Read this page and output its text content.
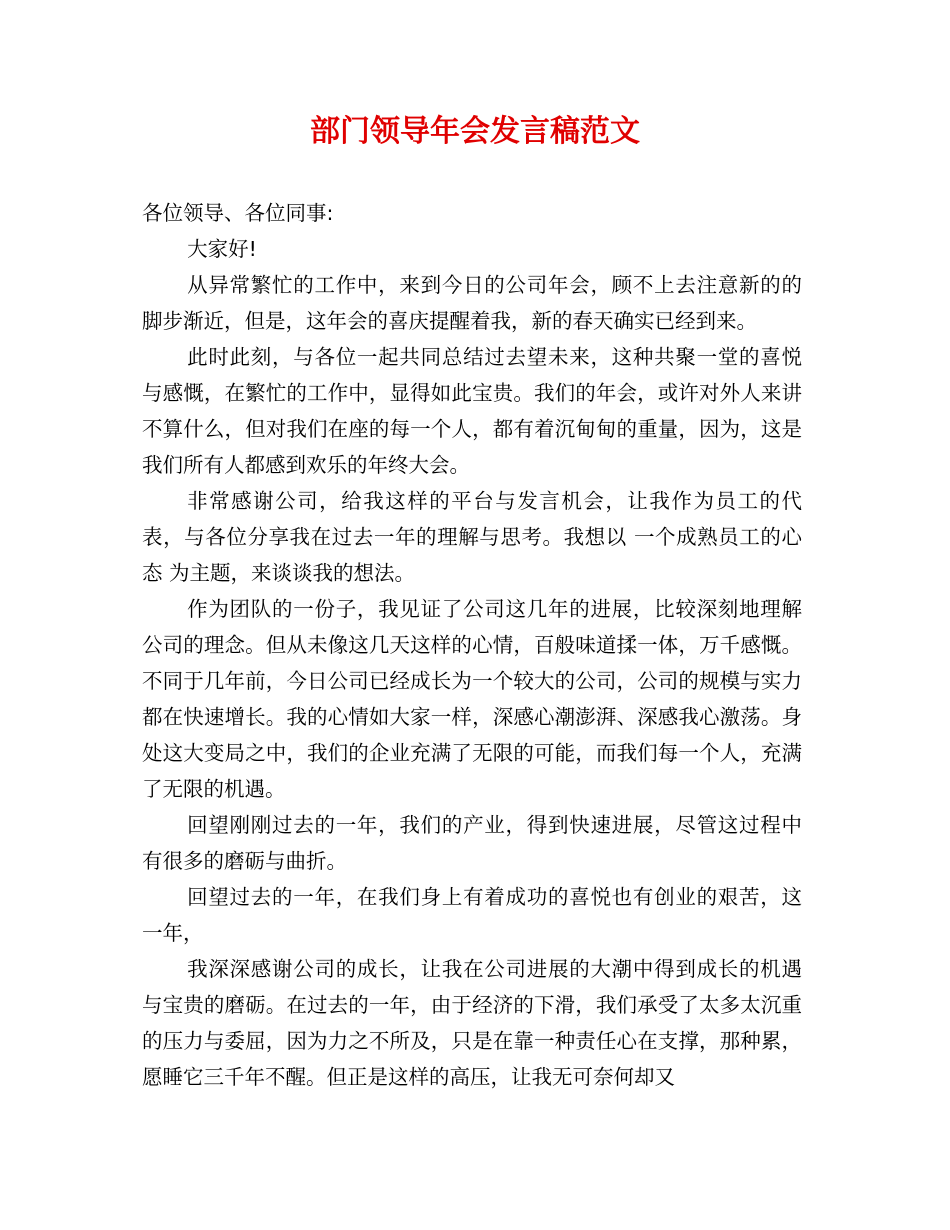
部门领导年会发言稿范文

各位领导、各位同事:

大家好!

从异常繁忙的工作中，来到今日的公司年会，顾不上去注意新的的脚步渐近，但是，这年会的喜庆提醒着我，新的春天确实已经到来。

此时此刻，与各位一起共同总结过去望未来，这种共聚一堂的喜悦与感慨，在繁忙的工作中，显得如此宝贵。我们的年会，或许对外人来讲不算什么，但对我们在座的每一个人，都有着沉甸甸的重量，因为，这是我们所有人都感到欢乐的年终大会。

非常感谢公司，给我这样的平台与发言机会，让我作为员工的代表，与各位分享我在过去一年的理解与思考。我想以 一个成熟员工的心态 为主题，来谈谈我的想法。

作为团队的一份子，我见证了公司这几年的进展，比较深刻地理解公司的理念。但从未像这几天这样的心情，百般味道揉一体，万千感慨。不同于几年前，今日公司已经成长为一个较大的公司，公司的规模与实力都在快速增长。我的心情如大家一样，深感心潮澎湃、深感我心激荡。身处这大变局之中，我们的企业充满了无限的可能，而我们每一个人，充满了无限的机遇。

回望刚刚过去的一年，我们的产业，得到快速进展，尽管这过程中有很多的磨砺与曲折。

回望过去的一年，在我们身上有着成功的喜悦也有创业的艰苦，这一年，

我深深感谢公司的成长，让我在公司进展的大潮中得到成长的机遇与宝贵的磨砺。在过去的一年，由于经济的下滑，我们承受了太多太沉重的压力与委屈，因为力之不所及，只是在靠一种责任心在支撑，那种累，愿睡它三千年不醒。但正是这样的高压，让我无可奈何却又
